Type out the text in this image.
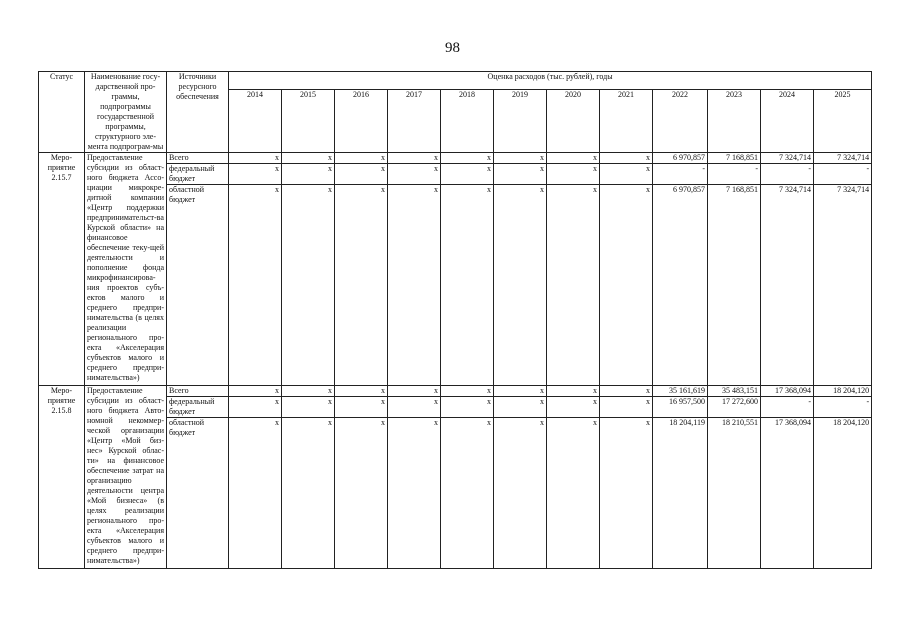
98
Статус	Наименование госу-дарственной про-граммы, подпрограммы государственной программы, структурного эле-мента подпрограм-мы	Источники ресурсного обеспечения	Оценка расходов (тыс. рублей), годы											
			2014	2015	2016	2017	2018	2019	2020	2021	2022	2023	2024	2025
Меро-приятие 2.15.7	Предоставление субсидии из област-ного бюджета Ассо-циации микрокре-дитной компании «Центр поддержки предпринимательст-ва Курской области» на финансовое обеспечение теку-щей деятельности и пополнение фонда микрофинансирова-ния проектов субъ-ектов малого и среднего предпри-нимательства (в целях реализации регионального про-екта «Акселерация субъектов малого и среднего предпри-нимательства»)	Всего	x	x	x	x	x	x	x	x	6 970,857	7 168,851	7 324,714	7 324,714
		федеральный бюджет	x	x	x	x	x	x	x	x	-	-	-	-
		областной бюджет	x	x	x	x	x	x	x	x	6 970,857	7 168,851	7 324,714	7 324,714
Меро-приятие 2.15.8	Предоставление субсидии из област-ного бюджета Авто-номной некоммер-ческой организации «Центр «Мой биз-нес» Курской облас-ти» на финансовое обеспечение затрат на организацию деятельности центра «Мой бизнеса» (в целях реализации регионального про-екта «Акселерация субъектов малого и среднего предпри-нимательства»)	Всего	x	x	x	x	x	x	x	x	35 161,619	35 483,151	17 368,094	18 204,120
		федеральный бюджет	x	x	x	x	x	x	x	x	16 957,500	17 272,600	-	-
		областной бюджет	x	x	x	x	x	x	x	x	18 204,119	18 210,551	17 368,094	18 204,120
